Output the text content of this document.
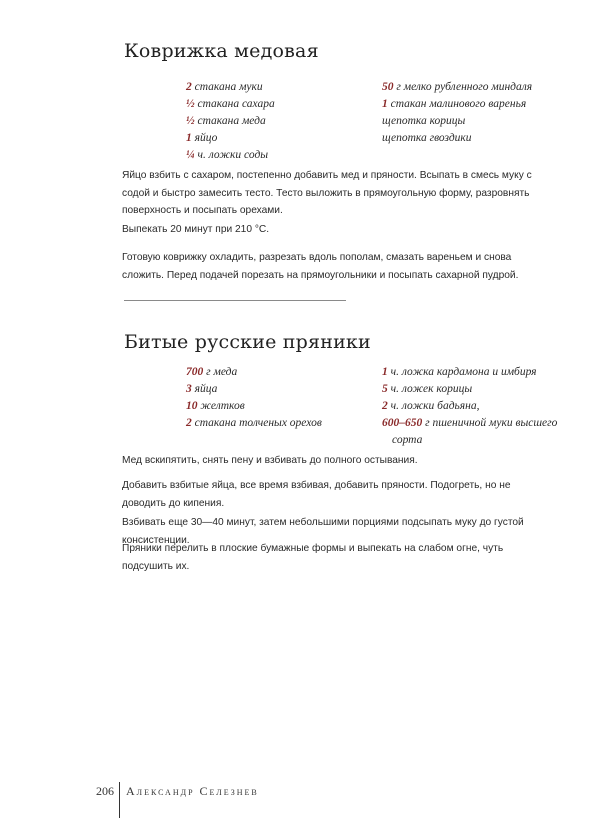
Коврижка медовая
2 стакана муки
½ стакана сахара
½ стакана меда
1 яйцо
¼ ч. ложки соды
50 г мелко рубленного миндаля
1 стакан малинового варенья
щепотка корицы
щепотка гвоздики

Яйцо взбить с сахаром, постепенно добавить мед и пряности. Всыпать в смесь муку с содой и быстро замесить тесто. Тесто выложить в прямоугольную форму, разровнять поверхность и посыпать орехами.

Выпекать 20 минут при 210 °С.

Готовую коврижку охладить, разрезать вдоль пополам, смазать вареньем и снова сложить. Перед подачей порезать на прямоугольники и посыпать сахарной пудрой.

Битые русские пряники
700 г меда
3 яйца
10 желтков
2 стакана толченых орехов
1 ч. ложка кардамона и имбиря
5 ч. ложек корицы
2 ч. ложки бадьяна,
600–650 г пшеничной муки высшего
сорта

Мед вскипятить, снять пену и взбивать до полного остывания.

Добавить взбитые яйца, все время взбивая, добавить пряности. Подогреть, но не доводить до кипения.

Взбивать еще 30—40 минут, затем небольшими порциями подсыпать муку до густой консистенции.

Пряники перелить в плоские бумажные формы и выпекать на слабом огне, чуть подсушить их.

206 Александр Селезнев
